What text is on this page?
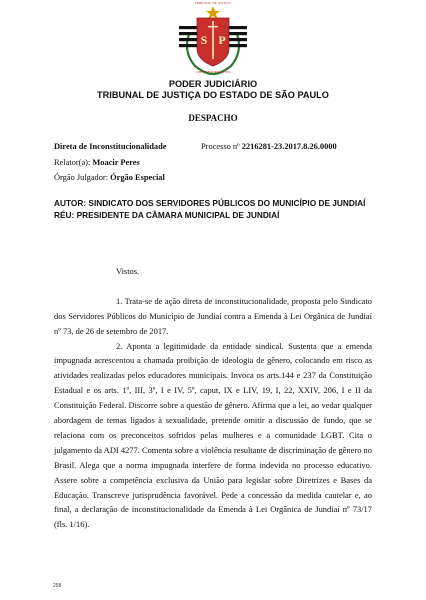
TRIBUNAL DE JUSTIÇA
S P
3 DE FEVEREIRO DE 1874
PODER JUDICIÁRIO
TRIBUNAL DE JUSTIÇA DO ESTADO DE SÃO PAULO
DESPACHO
Direta de Inconstitucionalidade	Processo nº 2216281-23.2017.8.26.0000
Relator(a): Moacir Peres
Órgão Julgador: Órgão Especial
AUTOR: SINDICATO DOS SERVIDORES PÚBLICOS DO MUNICÍPIO DE JUNDIAÍ
RÉU: PRESIDENTE DA CÂMARA MUNICIPAL DE JUNDIAÍ

Vistos.

1. Trata-se de ação direta de inconstitucionalidade, proposta pelo Sindicato dos Servidores Públicos do Município de Jundiaí contra a Emenda à Lei Orgânica de Jundiaí nº 73, de 26 de setembro de 2017.

2. Aponta a legitimidade da entidade sindical. Sustenta que a emenda impugnada acrescentou a chamada proibição de ideologia de gênero, colocando em risco as atividades realizadas pelos educadores municipais. Invoca os arts.144 e 237 da Constituição Estadual e os arts. 1º, III, 3º, I e IV, 5º, caput, IX e LIV, 19, I, 22, XXIV, 206, I e II da Constituição Federal. Discorre sobre a questão de gênero. Afirma que a lei, ao vedar qualquer abordagem de temas ligados à sexualidade, pretende omitir a discussão de fundo, que se relaciona com os preconceitos sofridos pelas mulheres e a comunidade LGBT. Cita o julgamento da ADI 4277. Comenta sobre a violência resultante de discriminação de gênero no Brasil. Alega que a norma impugnada interfere de forma indevida no processo educativo. Assere sobre a competência exclusiva da União para legislar sobre Diretrizes e Bases da Educação. Transcreve jurisprudência favorável. Pede a concessão da medida cautelar e, ao final, a declaração de inconstitucionalidade da Emenda à Lei Orgânica de Jundiaí nº 73/17 (fls. 1/16).

258
